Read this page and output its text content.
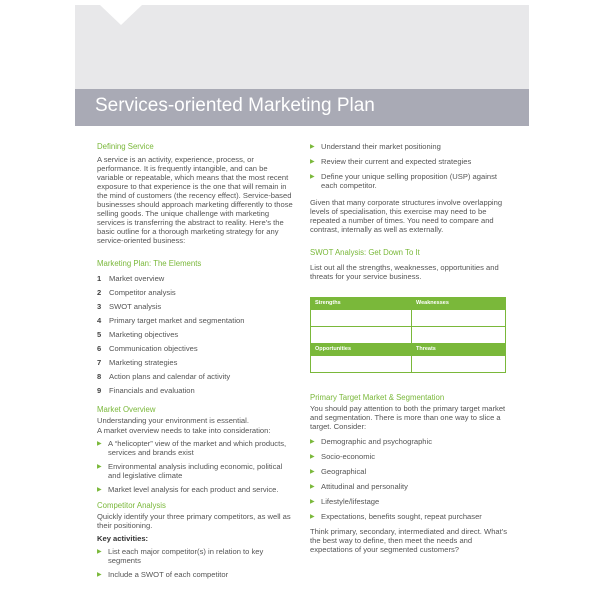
Services-oriented Marketing Plan
Defining Service

A service is an activity, experience, process, or performance. It is frequently intangible, and can be variable or repeatable, which means that the most recent exposure to that experience is the one that will remain in the mind of customers (the recency effect). Service-based businesses should approach marketing differently to those selling goods. The unique challenge with marketing services is transferring the abstract to reality. Here’s the basic outline for a thorough marketing strategy for any service-oriented business:

Marketing Plan: The Elements
1	Market overview
2	Competitor analysis
3	SWOT analysis
4	Primary target market and segmentation
5	Marketing objectives
6	Communication objectives
7	Marketing strategies
8	Action plans and calendar of activity
9	Financials and evaluation
Market Overview

Understanding your environment is essential.

A market overview needs to take into consideration:

▶ A “helicopter” view of the market and which products, services and brands exist
▶ Environmental analysis including economic, political and legislative climate
▶ Market level analysis for each product and service.
Competitor Analysis

Quickly identify your three primary competitors, as well as their positioning.

Key activities:

▶ List each major competitor(s) in relation to key segments
▶ Include a SWOT of each competitor
▶ Understand their market positioning
▶ Review their current and expected strategies
▶ Define your unique selling proposition (USP) against each competitor.

Given that many corporate structures involve overlapping levels of specialisation, this exercise may need to be repeated a number of times. You need to compare and contrast, internally as well as externally.

SWOT Analysis: Get Down To It

List out all the strengths, weaknesses, opportunities and threats for your service business.

Strengths	Weaknesses

Opportunities	Threats

Primary Target Market & Segmentation

You should pay attention to both the primary target market and segmentation. There is more than one way to slice a target. Consider:

▶ Demographic and psychographic
▶ Socio-economic
▶ Geographical
▶ Attitudinal and personality
▶ Lifestyle/lifestage
▶ Expectations, benefits sought, repeat purchaser

Think primary, secondary, intermediated and direct. What’s the best way to define, then meet the needs and expectations of your segmented customers?
